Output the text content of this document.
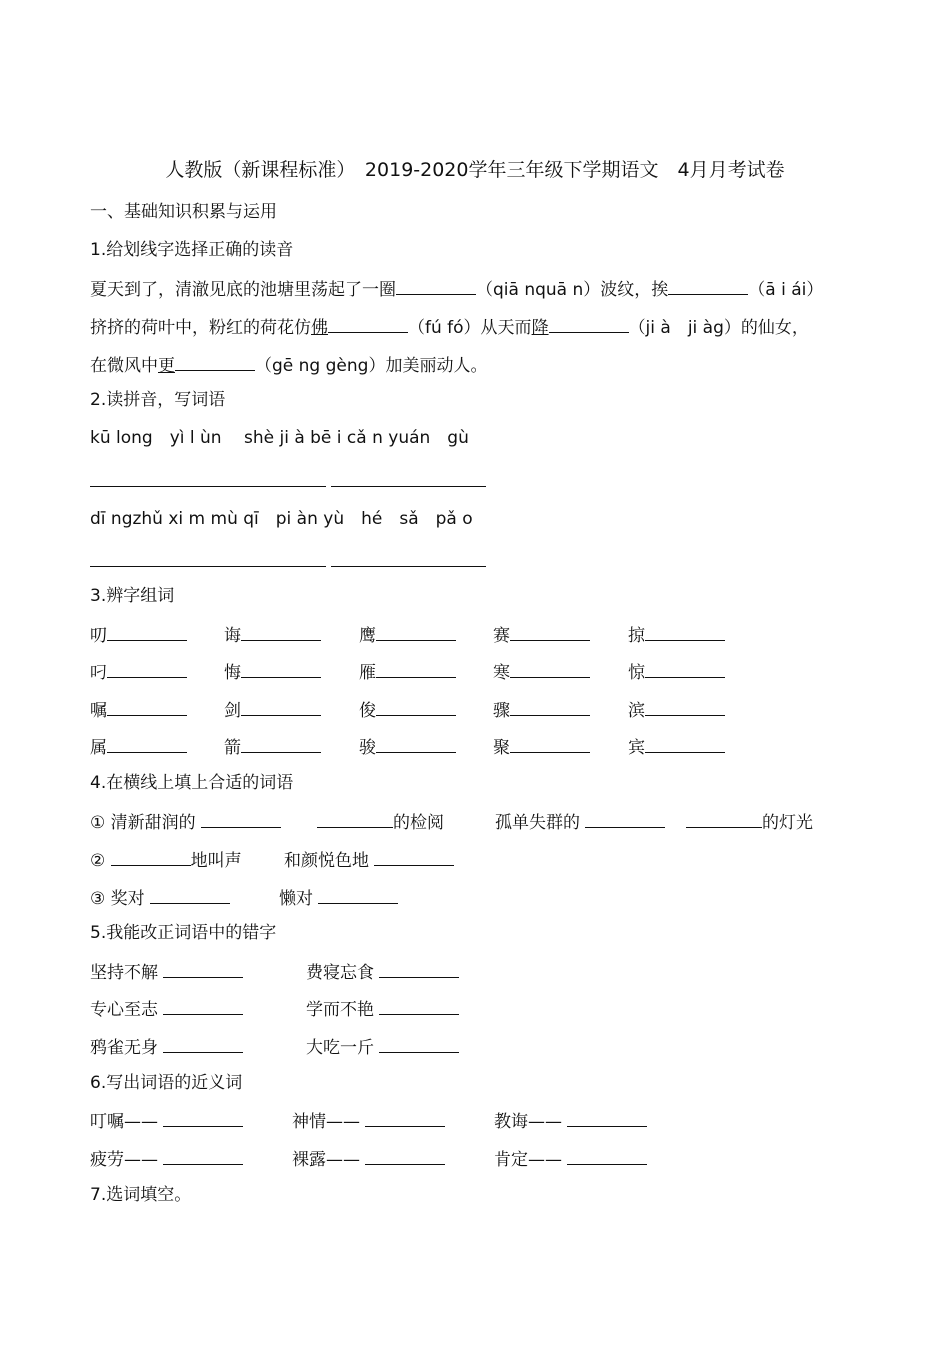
人教版（新课程标准）　2019-2020学年三年级下学期语文　4月月考试卷
一、基础知识积累与运用
1.给划线字选择正确的读音
夏天到了，清澈见底的池塘里荡起了一圈	（qiā nquā n）波纹，挨	（ā i ái）
挤挤的荷叶中，粉红的荷花仿佛	（fú fó）从天而降	（ji à　ji àg）的仙女，
在微风中更	（gē ng gèng）加美丽动人。
2.读拼音，写词语
kū long　yì l ùn　 shè ji à bē i cǎ n yuán　gù
dī ngzhǔ xi m mù qī　pi àn yù　hé　sǎ　pǎ o
3.辨字组词
叨	诲	鹰	赛	掠
叼	悔	雁	寒	惊
嘱	剑	俊	骤	滨
属	箭	骏	聚	宾
4.在横线上填上合适的词语
① 清新甜润的	的检阅	孤单失群的	的灯光
②	地叫声 和颜悦色地
③ 奖对	懒对
5.我能改正词语中的错字
坚持不解	费寝忘食
专心至志	学而不艳
鸦雀无身	大吃一斤
6.写出词语的近义词
叮嘱——	神情——	教诲——
疲劳——	裸露——	肯定——
7.选词填空。
